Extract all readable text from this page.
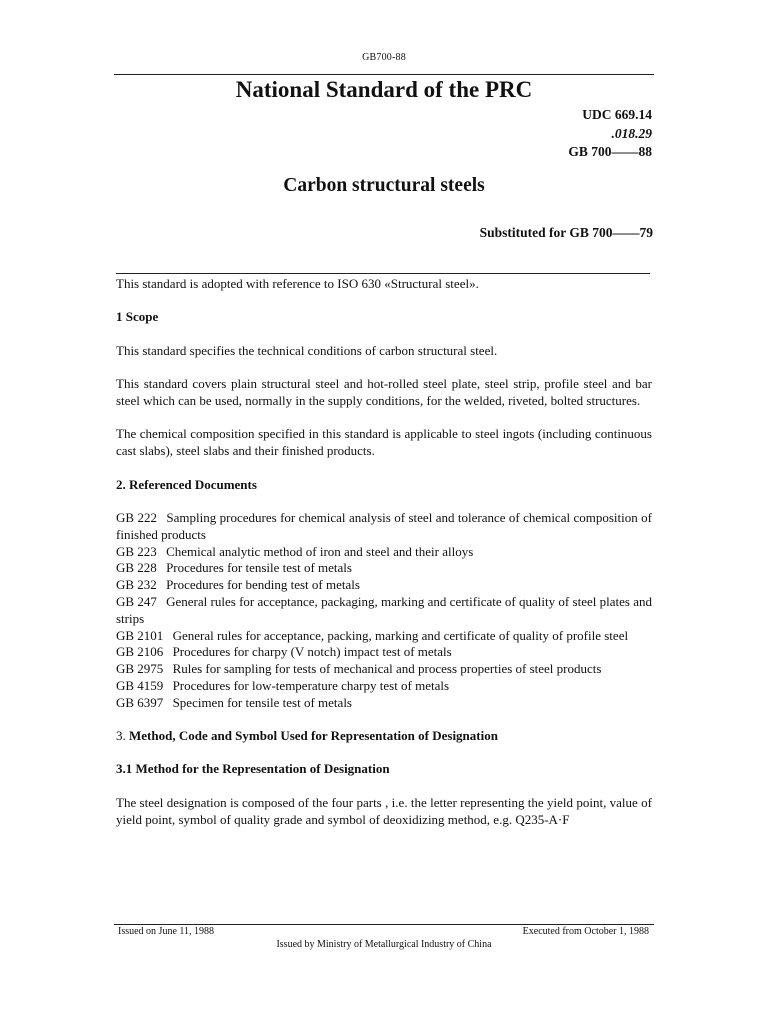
GB700-88
National Standard of the PRC
UDC 669.14
.018.29
GB 700——88
Carbon structural steels
Substituted for GB 700——79

This standard is adopted with reference to ISO 630 «Structural steel».

1 Scope

This standard specifies the technical conditions of carbon structural steel.

This standard covers plain structural steel and hot-rolled steel plate, steel strip, profile steel and bar steel which can be used, normally in the supply conditions, for the welded, riveted, bolted structures.

The chemical composition specified in this standard is applicable to steel ingots (including continuous cast slabs), steel slabs and their finished products.

2. Referenced Documents
GB 222 Sampling procedures for chemical analysis of steel and tolerance of chemical composition of finished products
GB 223 Chemical analytic method of iron and steel and their alloys
GB 228 Procedures for tensile test of metals
GB 232 Procedures for bending test of metals
GB 247 General rules for acceptance, packaging, marking and certificate of quality of steel plates and strips
GB 2101 General rules for acceptance, packing, marking and certificate of quality of profile steel
GB 2106 Procedures for charpy (V notch) impact test of metals
GB 2975 Rules for sampling for tests of mechanical and process properties of steel products
GB 4159 Procedures for low-temperature charpy test of metals
GB 6397 Specimen for tensile test of metals
3. Method, Code and Symbol Used for Representation of Designation
3.1 Method for the Representation of Designation

The steel designation is composed of the four parts , i.e. the letter representing the yield point, value of yield point, symbol of quality grade and symbol of deoxidizing method, e.g. Q235-A·F

Issued on June 11, 1988	Executed from October 1, 1988
Issued by Ministry of Metallurgical Industry of China
